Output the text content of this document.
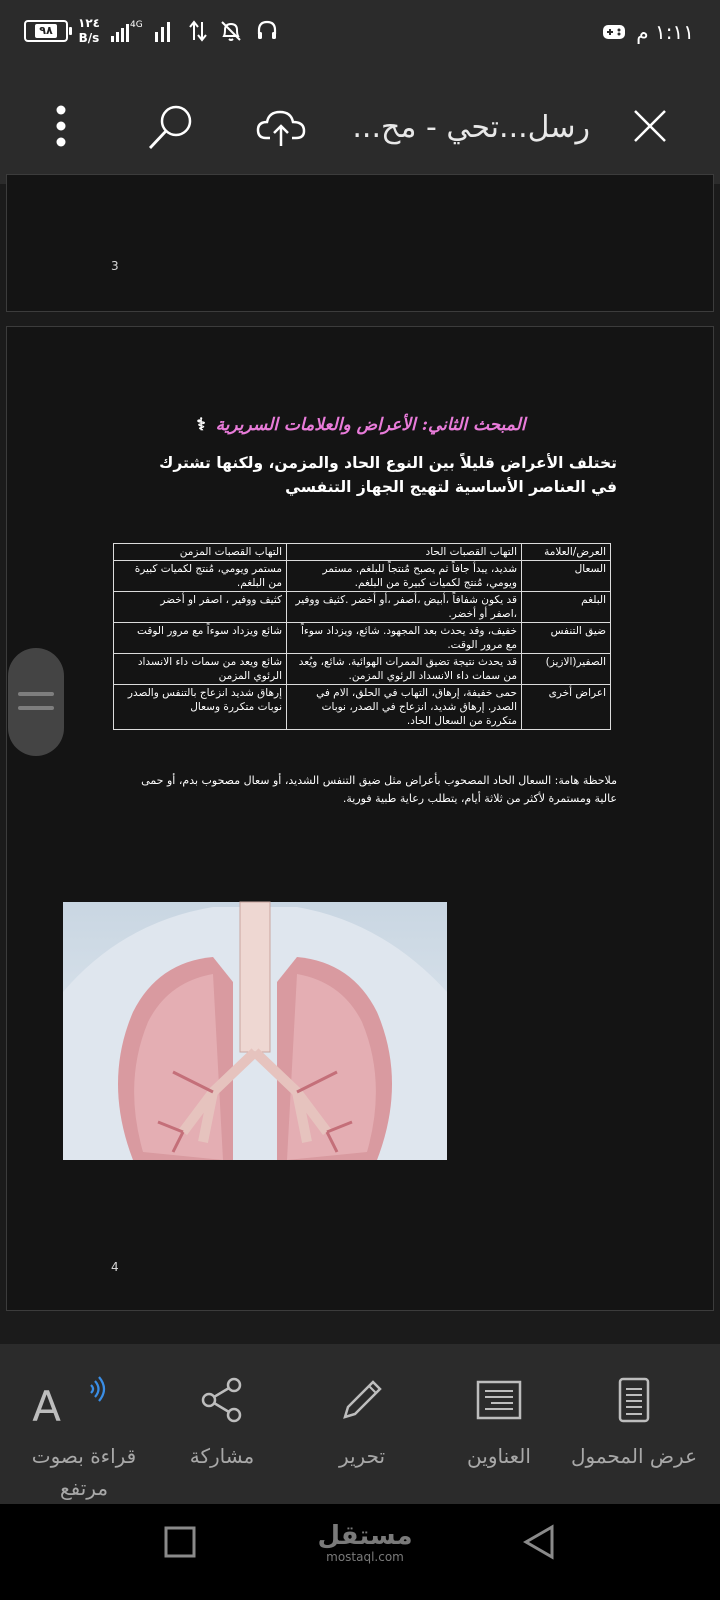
٩٨
١٢٤
B/s
4G	١:١١ م
رسل...تحي - مح...
3
المبحث الثاني: الأعراض والعلامات السريرية ⚕
تختلف الأعراض قليلاً بين النوع الحاد والمزمن، ولكنها تشترك في العناصر الأساسية لتهيج الجهاز التنفسي
العرض/العلامة	التهاب القصبات الحاد	التهاب القصبات المزمن
السعال	شديد، يبدأ جافاً ثم يصبح مُنتجاً للبلغم. مستمر ويومي، مُنتج لكميات كبيرة من البلغم.	مستمر ويومي، مُنتج لكميات كبيرة من البلغم.
البلغم	قد يكون شفافاً ،أبيض ،أصفر ،أو أخضر .كثيف ووفير ،اصفر أو أخضر.	كثيف ووفير ، اصفر او أخضر
ضيق التنفس	خفيف، وقد يحدث بعد المجهود. شائع، ويزداد سوءاً مع مرور الوقت.	شائع ويزداد سوءاً مع مرور الوقت
الصفير(الازيز)	قد يحدث نتيجة تضيق الممرات الهوائية. شائع، ويُعد من سمات داء الانسداد الرئوي المزمن.	شائع ويعد من سمات داء الانسداد الرئوي المزمن
اعراض أخرى	حمى خفيفة، إرهاق، التهاب في الحلق، الام في الصدر. إرهاق شديد، انزعاج في الصدر، نوبات متكررة من السعال الحاد.	إرهاق شديد انزعاج بالتنفس والصدر نوبات متكررة وسعال
ملاحظة هامة: السعال الحاد المصحوب بأعراض مثل ضيق التنفس الشديد، أو سعال مصحوب بدم، أو حمى عالية ومستمرة لأكثر من ثلاثة أيام، يتطلب رعاية طبية فورية.
4
عرض المحمول
العناوين
تحرير
مشاركة
A
قراءة بصوت مرتفع
مستقل
mostaql.com
